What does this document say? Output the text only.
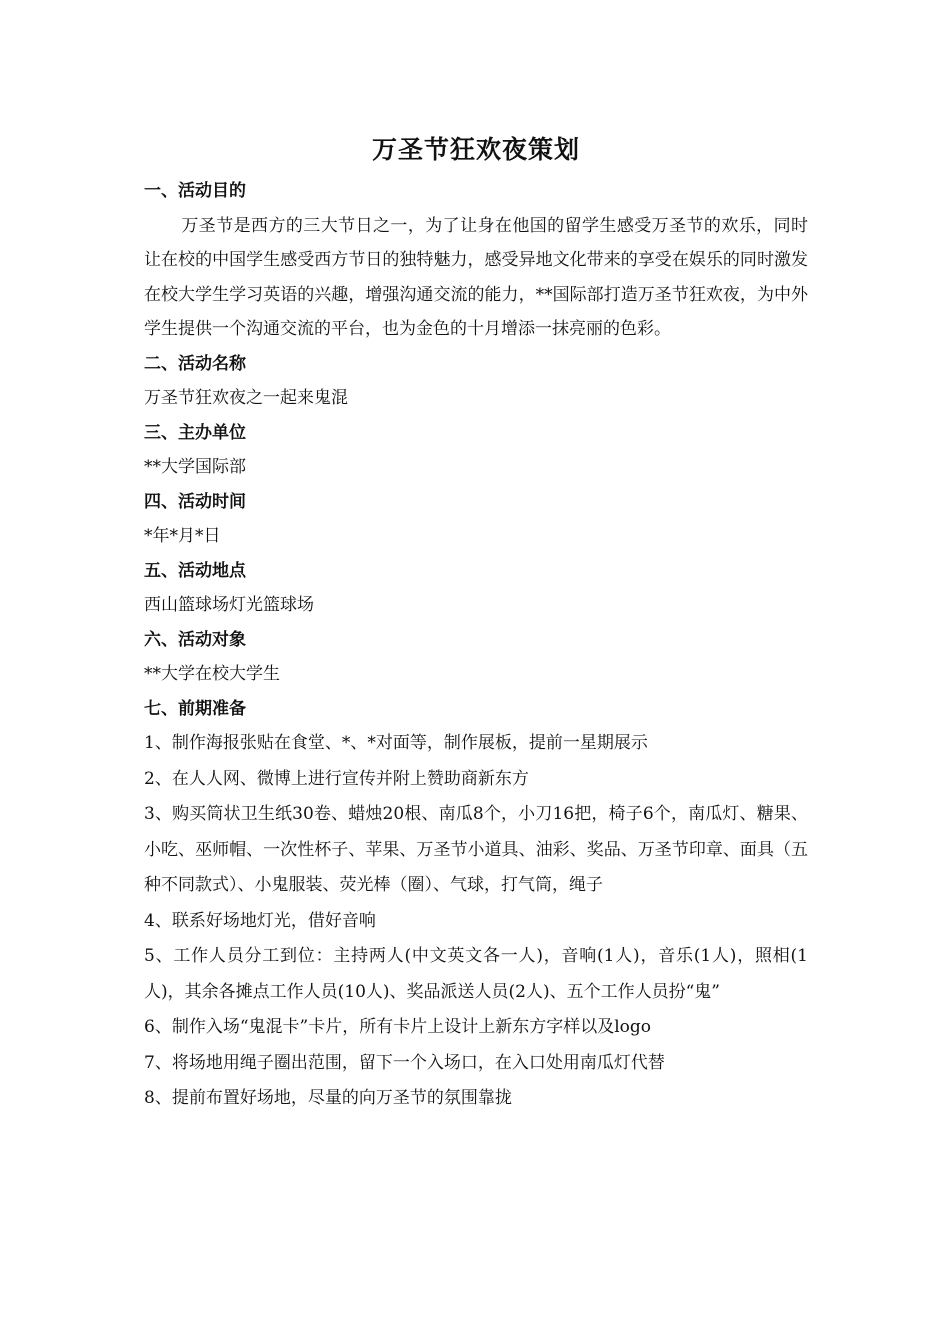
万圣节狂欢夜策划
一、活动目的

万圣节是西方的三大节日之一，为了让身在他国的留学生感受万圣节的欢乐，同时让在校的中国学生感受西方节日的独特魅力，感受异地文化带来的享受在娱乐的同时激发在校大学生学习英语的兴趣，增强沟通交流的能力，**国际部打造万圣节狂欢夜，为中外学生提供一个沟通交流的平台，也为金色的十月增添一抹亮丽的色彩。

二、活动名称

万圣节狂欢夜之一起来鬼混

三、主办单位

**大学国际部

四、活动时间

*年*月*日

五、活动地点

西山篮球场灯光篮球场

六、活动对象

**大学在校大学生

七、前期准备

1、制作海报张贴在食堂、*、*对面等，制作展板，提前一星期展示

2、在人人网、微博上进行宣传并附上赞助商新东方

3、购买筒状卫生纸30卷、蜡烛20根、南瓜8个，小刀16把，椅子6个，南瓜灯、糖果、小吃、巫师帽、一次性杯子、苹果、万圣节小道具、油彩、奖品、万圣节印章、面具（五种不同款式）、小鬼服装、荧光棒（圈）、气球，打气筒，绳子

4、联系好场地灯光，借好音响

5、工作人员分工到位：主持两人(中文英文各一人)，音响(1人)，音乐(1人)，照相(1人)，其余各摊点工作人员(10人)、奖品派送人员(2人)、五个工作人员扮“鬼”

6、制作入场“鬼混卡”卡片，所有卡片上设计上新东方字样以及logo

7、将场地用绳子圈出范围，留下一个入场口，在入口处用南瓜灯代替

8、提前布置好场地，尽量的向万圣节的氛围靠拢
